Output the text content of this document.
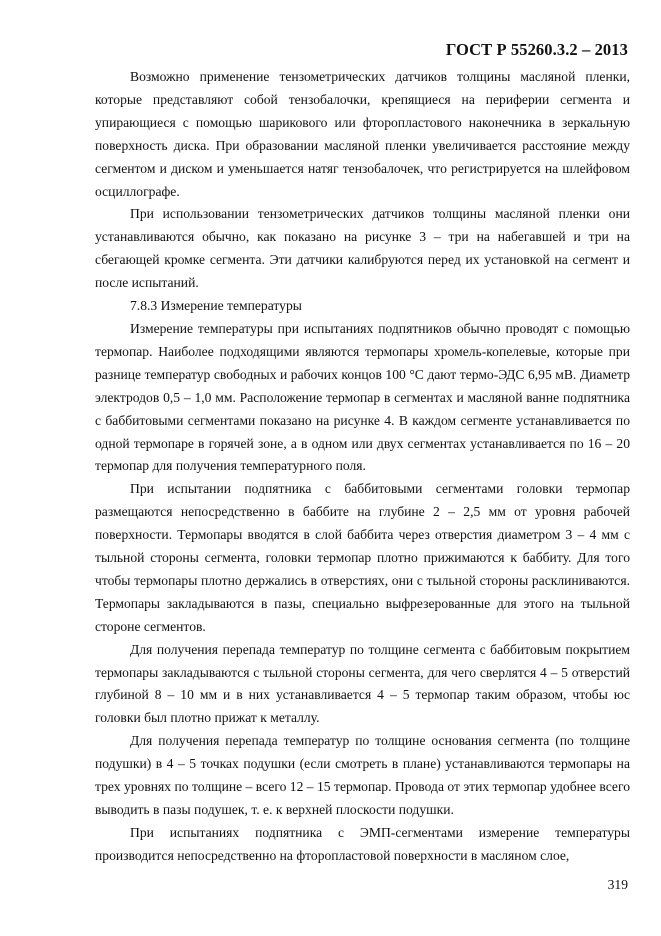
ГОСТ Р 55260.3.2 – 2013

Возможно применение тензометрических датчиков толщины масляной пленки, которые представляют собой тензобалочки, крепящиеся на периферии сегмента и упирающиеся с помощью шарикового или фторопластового наконечника в зеркальную поверхность диска. При образовании масляной пленки увеличивается расстояние между сегментом и диском и уменьшается натяг тензобалочек, что регистрируется на шлейфовом осциллографе.

При использовании тензометрических датчиков толщины масляной пленки они устанавливаются обычно, как показано на рисунке 3 – три на набегавшей и три на сбегающей кромке сегмента. Эти датчики калибруются перед их установкой на сегмент и после испытаний.

7.8.3 Измерение температуры

Измерение температуры при испытаниях подпятников обычно проводят с помощью термопар. Наиболее подходящими являются термопары хромель-копелевые, которые при разнице температур свободных и рабочих концов 100 °С дают термо-ЭДС 6,95 мВ. Диаметр электродов 0,5 – 1,0 мм. Расположение термопар в сегментах и масляной ванне подпятника с баббитовыми сегментами показано на рисунке 4. В каждом сегменте устанавливается по одной термопаре в горячей зоне, а в одном или двух сегментах устанавливается по 16 – 20 термопар для получения температурного поля.

При испытании подпятника с баббитовыми сегментами головки термопар размещаются непосредственно в баббите на глубине 2 – 2,5 мм от уровня рабочей поверхности. Термопары вводятся в слой баббита через отверстия диаметром 3 – 4 мм с тыльной стороны сегмента, головки термопар плотно прижимаются к баббиту. Для того чтобы термопары плотно держались в отверстиях, они с тыльной стороны расклиниваются. Термопары закладываются в пазы, специально выфрезерованные для этого на тыльной стороне сегментов.

Для получения перепада температур по толщине сегмента с баббитовым покрытием термопары закладываются с тыльной стороны сегмента, для чего сверлятся 4 – 5 отверстий глубиной 8 – 10 мм и в них устанавливается 4 – 5 термопар таким образом, чтобы юс головки был плотно прижат к металлу.

Для получения перепада температур по толщине основания сегмента (по толщине подушки) в 4 – 5 точках подушки (если смотреть в плане) устанавливаются термопары на трех уровнях по толщине – всего 12 – 15 термопар. Провода от этих термопар удобнее всего выводить в пазы подушек, т. е. к верхней плоскости подушки.

При испытаниях подпятника с ЭМП-сегментами измерение температуры производится непосредственно на фторопластовой поверхности в масляном слое,

319
